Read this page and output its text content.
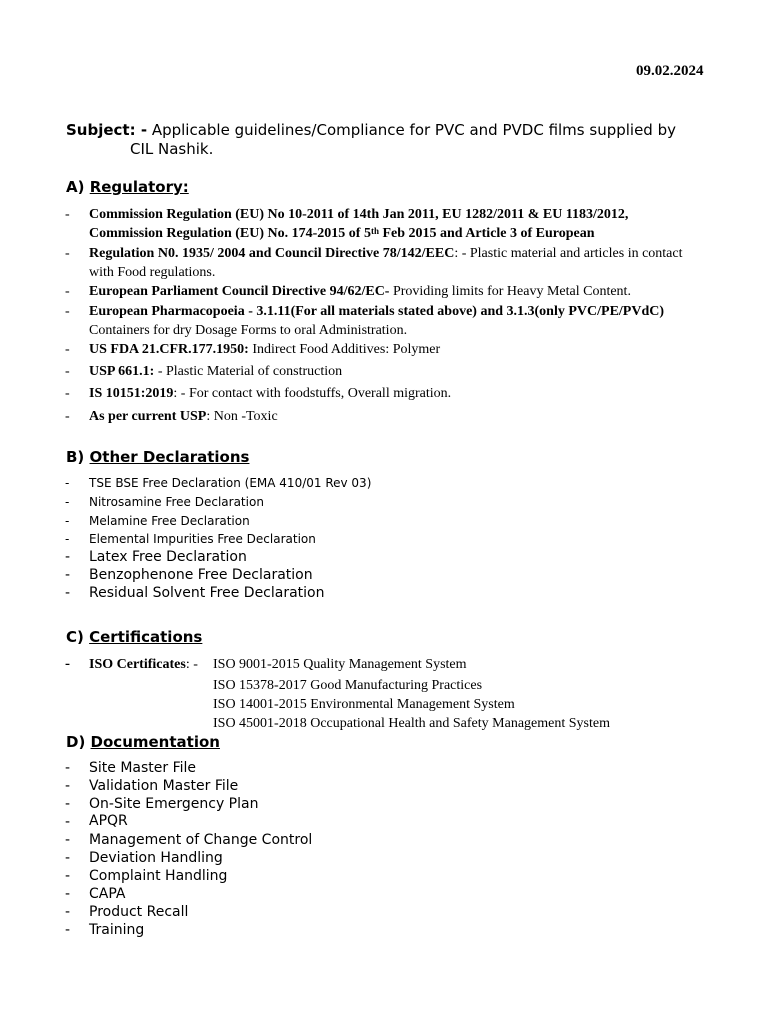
09.02.2024
Subject: - Applicable guidelines/Compliance for PVC and PVDC films supplied by
CIL Nashik.
A) Regulatory:
- Commission Regulation (EU) No 10-2011 of 14th Jan 2011, EU 1282/2011 & EU 1183/2012,
Commission Regulation (EU) No. 174-2015 of 5th Feb 2015 and Article 3 of European
- Regulation N0. 1935/ 2004 and Council Directive 78/142/EEC: - Plastic material and articles in contact
with Food regulations.
- European Parliament Council Directive 94/62/EC- Providing limits for Heavy Metal Content.
- European Pharmacopoeia - 3.1.11(For all materials stated above) and 3.1.3(only PVC/PE/PVdC)
Containers for dry Dosage Forms to oral Administration.
- US FDA 21.CFR.177.1950: Indirect Food Additives: Polymer
- USP 661.1: - Plastic Material of construction
- IS 10151:2019: - For contact with foodstuffs, Overall migration.
- As per current USP: Non -Toxic
B) Other Declarations
- TSE BSE Free Declaration (EMA 410/01 Rev 03)
- Nitrosamine Free Declaration
- Melamine Free Declaration
- Elemental Impurities Free Declaration
- Latex Free Declaration
- Benzophenone Free Declaration
- Residual Solvent Free Declaration
C) Certifications
- ISO Certificates: - ISO 9001-2015 Quality Management System
ISO 15378-2017 Good Manufacturing Practices
ISO 14001-2015 Environmental Management System
ISO 45001-2018 Occupational Health and Safety Management System
D) Documentation
- Site Master File
- Validation Master File
- On-Site Emergency Plan
- APQR
- Management of Change Control
- Deviation Handling
- Complaint Handling
- CAPA
- Product Recall
- Training
